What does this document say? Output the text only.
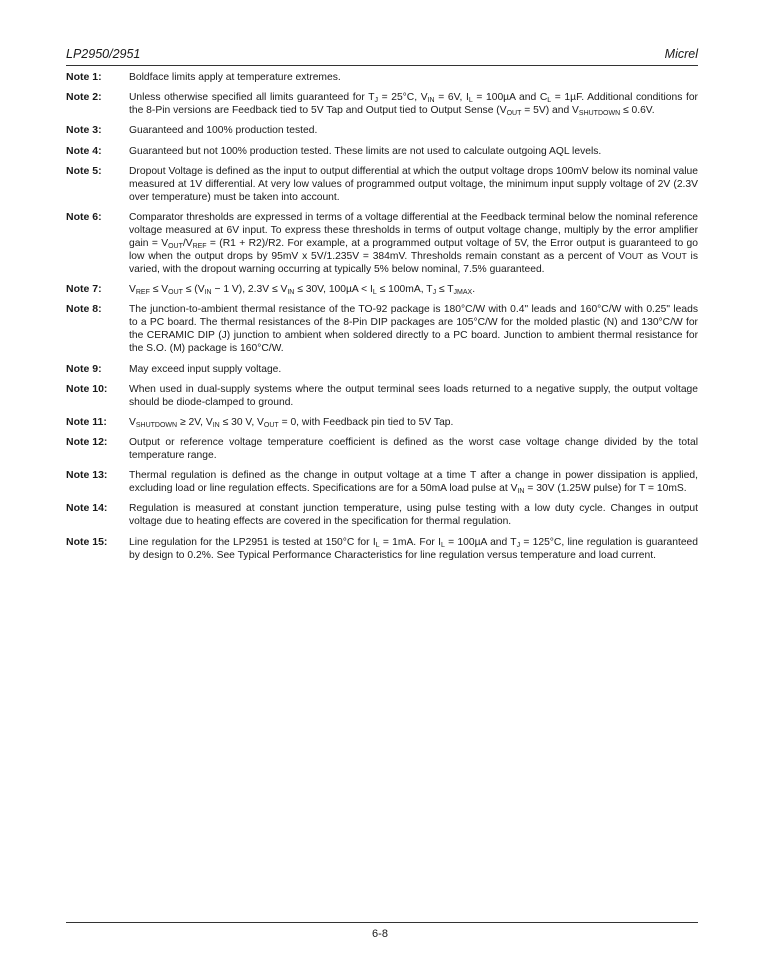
LP2950/2951	Micrel
Note 1:	Boldface limits apply at temperature extremes.
Note 2:	Unless otherwise specified all limits guaranteed for $T_J = 25^\circ C$, $V_{IN} = 6V$, $I_L = 100\mu A$ and $C_L = 1\mu F$. Additional conditions for the 8-Pin versions are Feedback tied to 5V Tap and Output tied to Output Sense $(V_{OUT} = 5V)$ and $V_{SHUTDOWN} \le 0.6V$.
Note 3:	Guaranteed and 100% production tested.
Note 4:	Guaranteed but not 100% production tested. These limits are not used to calculate outgoing AQL levels.
Note 5:	Dropout Voltage is defined as the input to output differential at which the output voltage drops 100mV below its nominal value measured at 1V differential. At very low values of programmed output voltage, the minimum input supply voltage of 2V (2.3V over temperature) must be taken into account.
Note 6:	Comparator thresholds are expressed in terms of a voltage differential at the Feedback terminal below the nominal reference voltage measured at 6V input. To express these thresholds in terms of output voltage change, multiply by the error amplifier gain = $V_{OUT}/V_{REF} = (R1 + R2)/R2$. For example, at a programmed output voltage of 5V, the Error output is guaranteed to go low when the output drops by 95mV x 5V/1.235V = 384mV. Thresholds remain constant as a percent of VOUT as VOUT is varied, with the dropout warning occurring at typically 5% below nominal, 7.5% guaranteed.
Note 7:	$V_{REF} \le V_{OUT} \le (V_{IN} - 1$ V), $2.3V \le V_{IN} \le 30V$, $100\mu A < I_L \le 100mA$, $T_J \le T_{JMAX}$.
Note 8:	The junction-to-ambient thermal resistance of the TO-92 package is 180°C/W with 0.4" leads and 160°C/W with 0.25" leads to a PC board. The thermal resistances of the 8-Pin DIP packages are 105°C/W for the molded plastic (N) and 130°C/W for the CERAMIC DIP (J) junction to ambient when soldered directly to a PC board. Junction to ambient thermal resistance for the S.O. (M) package is 160°C/W.
Note 9:	May exceed input supply voltage.
Note 10:	When used in dual-supply systems where the output terminal sees loads returned to a negative supply, the output voltage should be diode-clamped to ground.
Note 11:	$V_{SHUTDOWN} \ge 2V$, $V_{IN} \le 30$ V, $V_{OUT} = 0$, with Feedback pin tied to 5V Tap.
Note 12:	Output or reference voltage temperature coefficient is defined as the worst case voltage change divided by the total temperature range.
Note 13:	Thermal regulation is defined as the change in output voltage at a time T after a change in power dissipation is applied, excluding load or line regulation effects. Specifications are for a 50mA load pulse at $V_{IN} = 30V$ (1.25W pulse) for T = 10mS.
Note 14:	Regulation is measured at constant junction temperature, using pulse testing with a low duty cycle. Changes in output voltage due to heating effects are covered in the specification for thermal regulation.
Note 15:	Line regulation for the LP2951 is tested at 150°C for $I_L = 1mA$. For $I_L = 100\mu A$ and $T_J = 125^\circ C$, line regulation is guaranteed by design to 0.2%. See Typical Performance Characteristics for line regulation versus temperature and load current.
6-8
